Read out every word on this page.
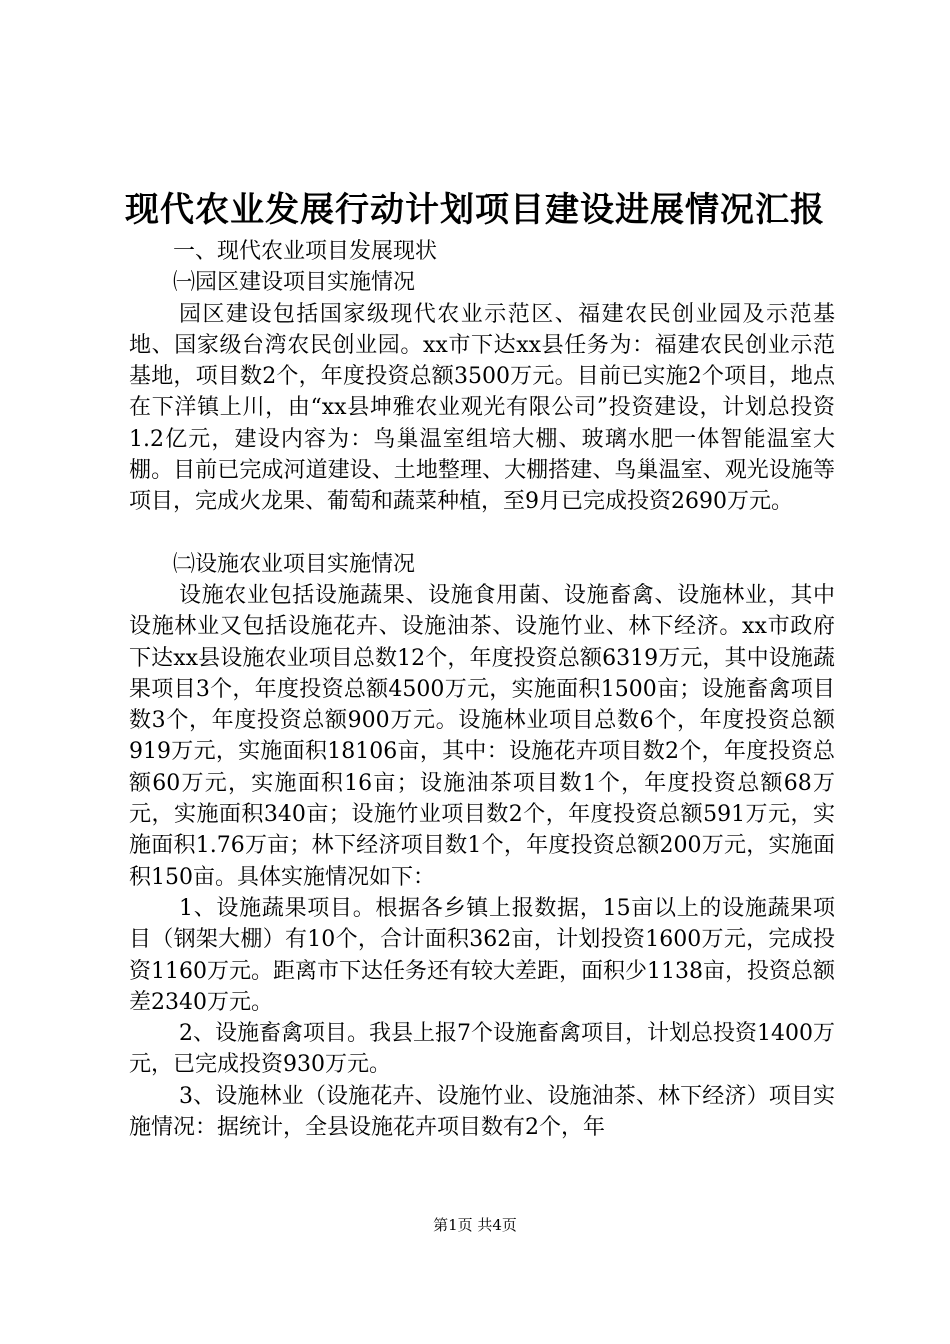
现代农业发展行动计划项目建设进展情况汇报

一、现代农业项目发展现状

㈠园区建设项目实施情况

园区建设包括国家级现代农业示范区、福建农民创业园及示范基地、国家级台湾农民创业园。xx市下达xx县任务为：福建农民创业示范基地，项目数2个，年度投资总额3500万元。目前已实施2个项目，地点在下洋镇上川，由“xx县坤雅农业观光有限公司”投资建设，计划总投资1.2亿元，建设内容为：鸟巢温室组培大棚、玻璃水肥一体智能温室大棚。目前已完成河道建设、土地整理、大棚搭建、鸟巢温室、观光设施等项目，完成火龙果、葡萄和蔬菜种植，至9月已完成投资2690万元。

㈡设施农业项目实施情况

设施农业包括设施蔬果、设施食用菌、设施畜禽、设施林业，其中设施林业又包括设施花卉、设施油茶、设施竹业、林下经济。xx市政府下达xx县设施农业项目总数12个，年度投资总额6319万元，其中设施蔬果项目3个，年度投资总额4500万元，实施面积1500亩；设施畜禽项目数3个，年度投资总额900万元。设施林业项目总数6个，年度投资总额919万元，实施面积18106亩，其中：设施花卉项目数2个，年度投资总额60万元，实施面积16亩；设施油茶项目数1个，年度投资总额68万元，实施面积340亩；设施竹业项目数2个，年度投资总额591万元，实施面积1.76万亩；林下经济项目数1个，年度投资总额200万元，实施面积150亩。具体实施情况如下：

1、设施蔬果项目。根据各乡镇上报数据，15亩以上的设施蔬果项目（钢架大棚）有10个，合计面积362亩，计划投资1600万元，完成投资1160万元。距离市下达任务还有较大差距，面积少1138亩，投资总额差2340万元。

2、设施畜禽项目。我县上报7个设施畜禽项目，计划总投资1400万元，已完成投资930万元。

3、设施林业（设施花卉、设施竹业、设施油茶、林下经济）项目实施情况：据统计，全县设施花卉项目数有2个，年

第1页 共4页
